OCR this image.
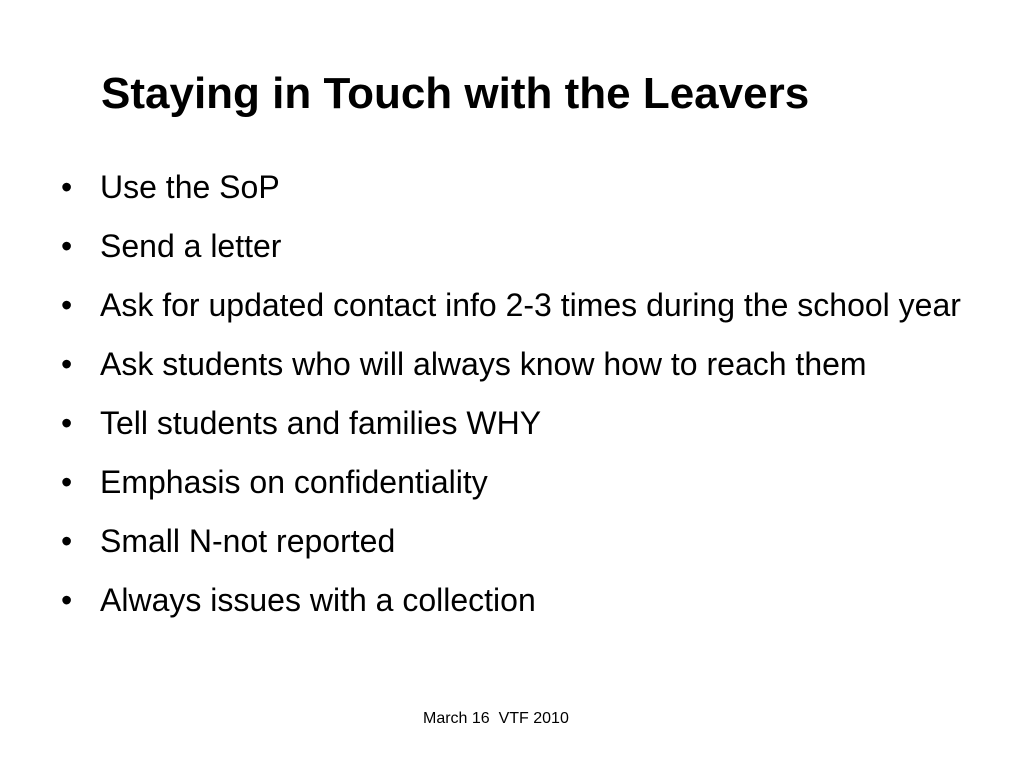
Staying in Touch with the Leavers
• Use the SoP
• Send a letter
• Ask for updated contact info 2-3 times during the school year
• Ask students who will always know how to reach them
• Tell students and families WHY
• Emphasis on confidentiality
• Small N-not reported
• Always issues with a collection
March 16  VTF 2010
